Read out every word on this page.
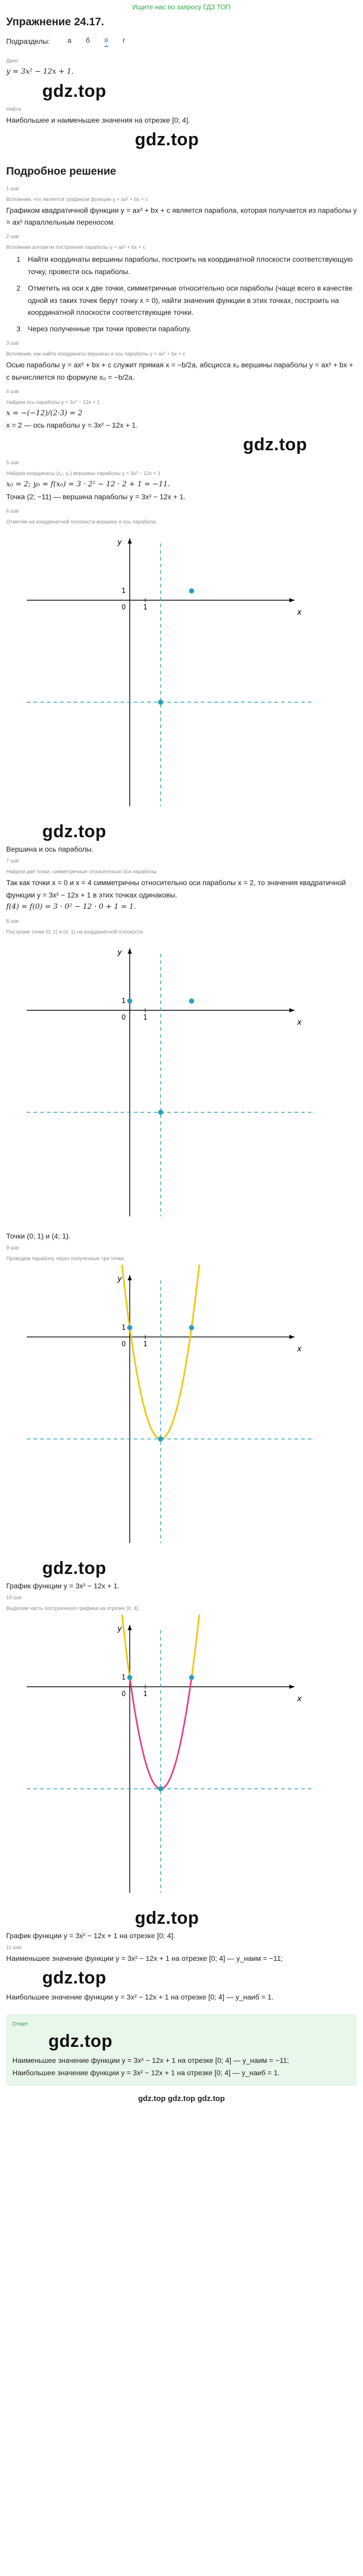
Ищите нас по запросу ГДЗ ТОП
Упражнение 24.17.
Подразделы: а б в г
Дано

y = 3x² − 12x + 1.

gdz.top
Найти

Наибольшее и наименьшее значения на отрезке [0; 4].

gdz.top
Подробное решение
1 шаг
Вспомним, что является графиком функции y = ax² + bx + c

Графиком квадратичной функции y = ax² + bx + c является парабола, которая получается из параболы y = ax² параллельным переносом.

2 шаг
Вспомним алгоритм построения параболы y = ax² + bx + c
1 Найти координаты вершины параболы, построить на координатной плоскости соответствующую точку, провести ось параболы.
2 Отметить на оси x две точки, симметричные относительно оси параболы (чаще всего в качестве одной из таких точек берут точку x = 0), найти значения функции в этих точках, построить на координатной плоскости соответствующие точки.
3 Через полученные три точки провести параболу.
3 шаг
Вспомним, как найти координаты вершины и ось параболы y = ax² + bx + c

Осью параболы y = ax² + bx + c служит прямая x = −b/2a, абсцисса x₀ вершины параболы y = ax² + bx + c вычисляется по формуле x₀ = −b/2a.

4 шаг
Найдем ось параболы y = 3x² − 12x + 1

x = −(−12)/(2·3) = 2

x = 2 — ось параболы y = 3x² − 12x + 1.

gdz.top
5 шаг
Найдем координаты (x₀; y₀) вершины параболы y = 3x² − 12x + 1

x₀ = 2; y₀ = f(x₀) = 3 · 2² − 12 · 2 + 1 = −11.

Точка (2; −11) — вершина параболы y = 3x² − 12x + 1.

6 шаг
Отметим на координатной плоскости вершину и ось параболы.
x
y
0	1
1
gdz.top
Вершина и ось параболы.
7 шаг
Найдем две точки, симметричные относительно оси параболы

Так как точки x = 0 и x = 4 симметричны относительно оси параболы x = 2, то значения квадратичной функции y = 3x² − 12x + 1 в этих точках одинаковы.

f(4) = f(0) = 3 · 0² − 12 · 0 + 1 = 1.

8 шаг
Построим точки (0; 1) и (4; 1) на координатной плоскости.
x
y
0	1
1
Точки (0; 1) и (4; 1).
9 шаг
Проведем параболу через полученные три точки.
x
y
0	1
1
gdz.top
График функции y = 3x² − 12x + 1.
10 шаг
Выделим часть построенного графика на отрезке [0; 4].
x
y
0	1
1
gdz.top
График функции y = 3x² − 12x + 1 на отрезке [0; 4].
11 шаг

Наименьшее значение функции y = 3x² − 12x + 1 на отрезке [0; 4] — y_наим = −11;

gdz.top

Наибольшее значение функции y = 3x² − 12x + 1 на отрезке [0; 4] — y_наиб = 1.

Ответ
gdz.top

Наименьшее значение функции y = 3x² − 12x + 1 на отрезке [0; 4] — y_наим = −11;

Наибольшее значение функции y = 3x² − 12x + 1 на отрезке [0; 4] — y_наиб = 1.

gdz.top gdz.top gdz.top
